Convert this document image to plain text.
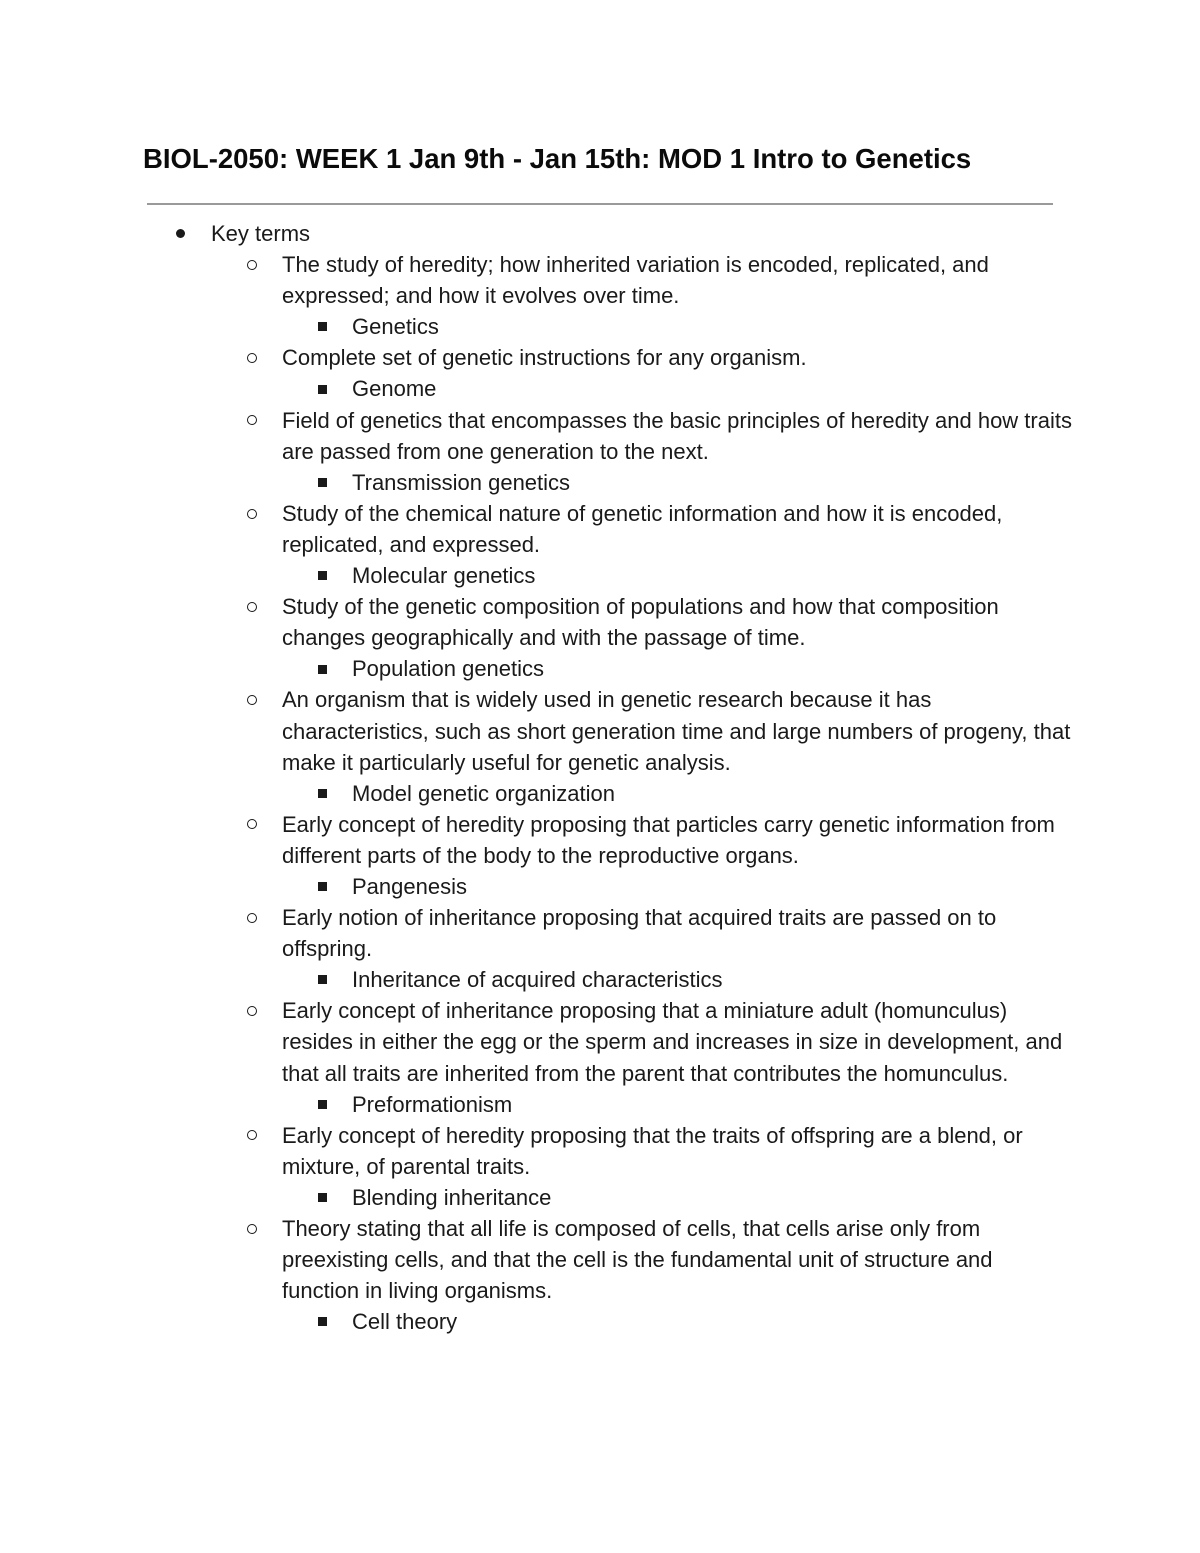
BIOL-2050: WEEK 1 Jan 9th - Jan 15th: MOD 1 Intro to Genetics
Key terms
The study of heredity; how inherited variation is encoded, replicated, and expressed; and how it evolves over time.
Genetics
Complete set of genetic instructions for any organism.
Genome
Field of genetics that encompasses the basic principles of heredity and how traits are passed from one generation to the next.
Transmission genetics
Study of the chemical nature of genetic information and how it is encoded, replicated, and expressed.
Molecular genetics
Study of the genetic composition of populations and how that composition changes geographically and with the passage of time.
Population genetics
An organism that is widely used in genetic research because it has characteristics, such as short generation time and large numbers of progeny, that make it particularly useful for genetic analysis.
Model genetic organization
Early concept of heredity proposing that particles carry genetic information from different parts of the body to the reproductive organs.
Pangenesis
Early notion of inheritance proposing that acquired traits are passed on to offspring.
Inheritance of acquired characteristics
Early concept of inheritance proposing that a miniature adult (homunculus) resides in either the egg or the sperm and increases in size in development, and that all traits are inherited from the parent that contributes the homunculus.
Preformationism
Early concept of heredity proposing that the traits of offspring are a blend, or mixture, of parental traits.
Blending inheritance
Theory stating that all life is composed of cells, that cells arise only from preexisting cells, and that the cell is the fundamental unit of structure and function in living organisms.
Cell theory
